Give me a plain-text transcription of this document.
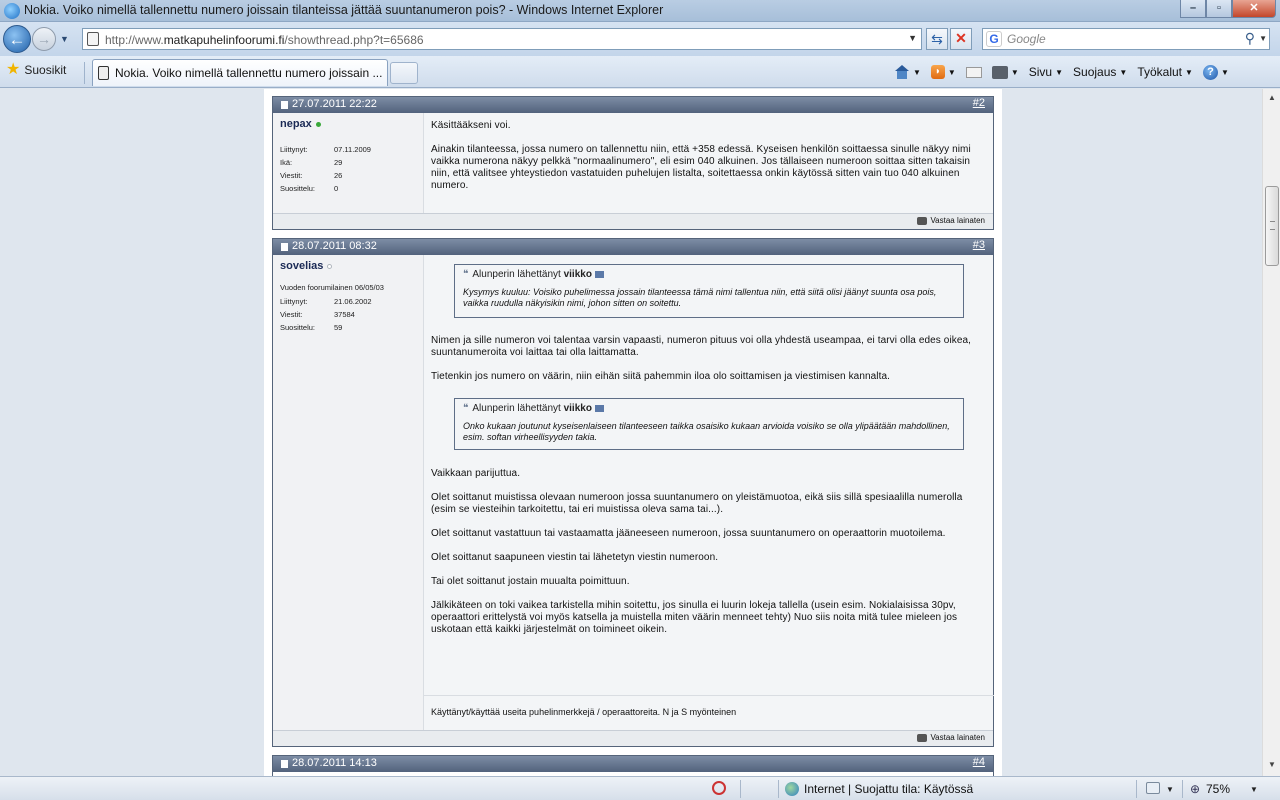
Nokia. Voiko nimellä tallennettu numero joissain tilanteissa jättää suuntanumeron pois? - Windows Internet Explorer	–	▫	✕
← →	▼	http://www.matkapuhelinfoorumi.fi/showthread.php?t=65686	▼	⇆ ✕	G Google	⚲ ▼
★ Suosikit	Nokia. Voiko nimellä tallennettu numero joissain ...	▼	◗ ▼	▼ Sivu ▼ Suojaus ▼ Työkalut ▼	? ▼
27.07.2011 22:22	#2
nepax
Liittynyt:	07.11.2009
Ikä:	29
Viestit:	26
Suosittelu:	0

Käsittääkseni voi.

Ainakin tilanteessa, jossa numero on tallennettu niin, että +358 edessä. Kyseisen henkilön soittaessa sinulle näkyy nimi vaikka numerona näkyy pelkkä "normaalinumero", eli esim 040 alkuinen. Jos tällaiseen numeroon soittaa sitten takaisin niin, että valitsee yhteystiedon vastatuiden puhelujen listalta, soitettaessa onkin käytössä sitten vain tuo 040 alkuinen numero.

Vastaa lainaten
28.07.2011 08:32	#3
sovelias
Vuoden foorumilainen 06/05/03
Liittynyt:	21.06.2002
Viestit:	37584
Suosittelu:	59
❝ Alunperin lähettänyt viikko
Kysymys kuuluu: Voisiko puhelimessa jossain tilanteessa tämä nimi tallentua niin, että siitä olisi jäänyt suunta osa pois, vaikka ruudulla näkyisikin nimi, johon sitten on soitettu.

Nimen ja sille numeron voi talentaa varsin vapaasti, numeron pituus voi olla yhdestä useampaa, ei tarvi olla edes oikea, suuntanumeroita voi laittaa tai olla laittamatta.

Tietenkin jos numero on väärin, niin eihän siitä pahemmin iloa olo soittamisen ja viestimisen kannalta.

❝ Alunperin lähettänyt viikko
Onko kukaan joutunut kyseisenlaiseen tilanteeseen taikka osaisiko kukaan arvioida voisiko se olla ylipäätään mahdollinen, esim. softan virheellisyyden takia.

Vaikkaan parijuttua.

Olet soittanut muistissa olevaan numeroon jossa suuntanumero on yleistämuotoa, eikä siis sillä spesiaalilla numerolla (esim se viesteihin tarkoitettu, tai eri muistissa oleva sama tai...).

Olet soittanut vastattuun tai vastaamatta jääneeseen numeroon, jossa suuntanumero on operaattorin muotoilema.

Olet soittanut saapuneen viestin tai lähetetyn viestin numeroon.

Tai olet soittanut jostain muualta poimittuun.

Jälkikäteen on toki vaikea tarkistella mihin soitettu, jos sinulla ei luurin lokeja tallella (usein esim. Nokialaisissa 30pv, operaattori erittelystä voi myös katsella ja muistella miten väärin menneet tehty) Nuo siis noita mitä tulee mieleen jos uskotaan että kaikki järjestelmät on toimineet oikein.

Käyttänyt/käyttää useita puhelinmerkkejä / operaattoreita. N ja S myönteinen
Vastaa lainaten
28.07.2011 14:13	#4
▲
▼
Internet | Suojattu tila: Käytössä	▼ ⊕ 75% ▼
